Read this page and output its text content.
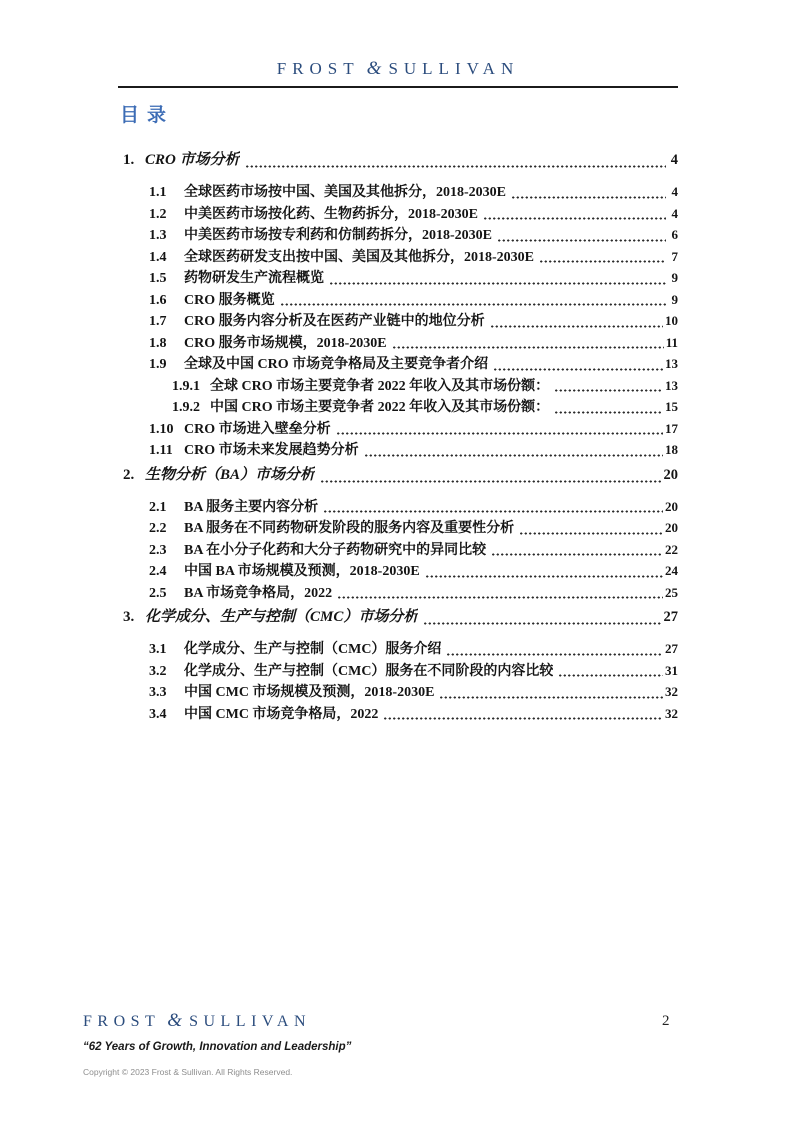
FROST & SULLIVAN
目录
1. CRO 市场分析	4
1.1	全球医药市场按中国、美国及其他拆分，2018-2030E	4
1.2	中美医药市场按化药、生物药拆分，2018-2030E	4
1.3	中美医药市场按专利药和仿制药拆分，2018-2030E	6
1.4	全球医药研发支出按中国、美国及其他拆分，2018-2030E	7
1.5	药物研发生产流程概览	9
1.6	CRO 服务概览	9
1.7	CRO 服务内容分析及在医药产业链中的地位分析	10
1.8	CRO 服务市场规模，2018-2030E	11
1.9	全球及中国 CRO 市场竞争格局及主要竞争者介绍	13
1.9.1 全球 CRO 市场主要竞争者 2022 年收入及其市场份额：	13
1.9.2 中国 CRO 市场主要竞争者 2022 年收入及其市场份额：	15
1.10 CRO 市场进入壁垒分析	17
1.11 CRO 市场未来发展趋势分析	18
2. 生物分析（BA）市场分析	20
2.1	BA 服务主要内容分析	20
2.2	BA 服务在不同药物研发阶段的服务内容及重要性分析	20
2.3	BA 在小分子化药和大分子药物研究中的异同比较	22
2.4	中国 BA 市场规模及预测，2018-2030E	24
2.5	BA 市场竞争格局，2022	25
3. 化学成分、生产与控制（CMC）市场分析	27
3.1	化学成分、生产与控制（CMC）服务介绍	27
3.2	化学成分、生产与控制（CMC）服务在不同阶段的内容比较	31
3.3	中国 CMC 市场规模及预测，2018-2030E	32
3.4	中国 CMC 市场竞争格局，2022	32
FROST & SULLIVAN
“62 Years of Growth, Innovation and Leadership”
Copyright © 2023 Frost & Sullivan. All Rights Reserved.
2
